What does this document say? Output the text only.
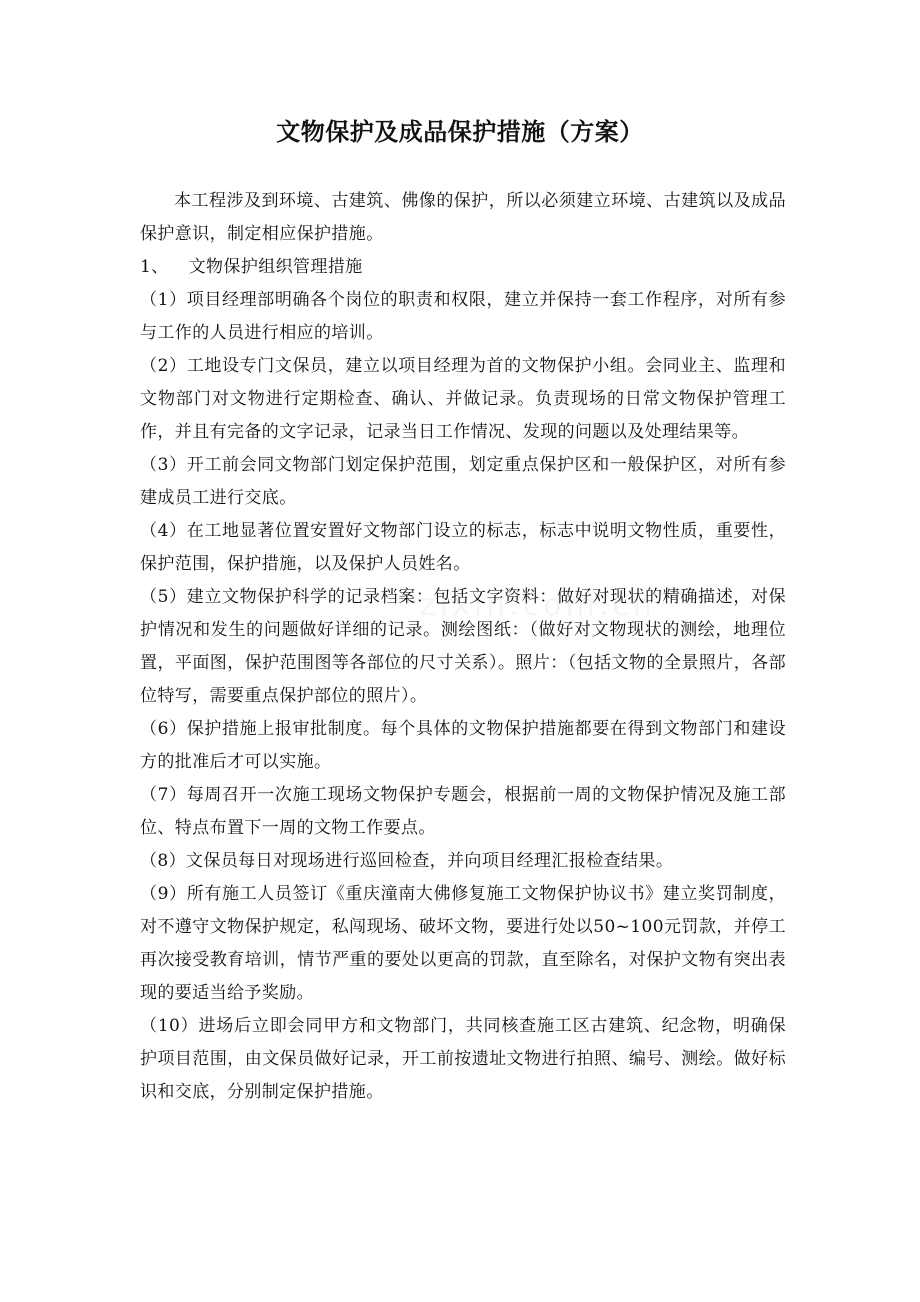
文物保护及成品保护措施（方案）

本工程涉及到环境、古建筑、佛像的保护，所以必须建立环境、古建筑以及成品保护意识，制定相应保护措施。

1、 文物保护组织管理措施

（1）项目经理部明确各个岗位的职责和权限，建立并保持一套工作程序，对所有参与工作的人员进行相应的培训。

（2）工地设专门文保员，建立以项目经理为首的文物保护小组。会同业主、监理和文物部门对文物进行定期检查、确认、并做记录。负责现场的日常文物保护管理工作，并且有完备的文字记录，记录当日工作情况、发现的问题以及处理结果等。

（3）开工前会同文物部门划定保护范围，划定重点保护区和一般保护区，对所有参建成员工进行交底。

（4）在工地显著位置安置好文物部门设立的标志，标志中说明文物性质，重要性，保护范围，保护措施，以及保护人员姓名。

（5）建立文物保护科学的记录档案：包括文字资料：做好对现状的精确描述，对保护情况和发生的问题做好详细的记录。测绘图纸：（做好对文物现状的测绘，地理位置，平面图，保护范围图等各部位的尺寸关系）。照片：（包括文物的全景照片，各部位特写，需要重点保护部位的照片）。

（6）保护措施上报审批制度。每个具体的文物保护措施都要在得到文物部门和建设方的批准后才可以实施。

（7）每周召开一次施工现场文物保护专题会，根据前一周的文物保护情况及施工部位、特点布置下一周的文物工作要点。

（8）文保员每日对现场进行巡回检查，并向项目经理汇报检查结果。

（9）所有施工人员签订《重庆潼南大佛修复施工文物保护协议书》建立奖罚制度，对不遵守文物保护规定，私闯现场、破坏文物，要进行处以50~100元罚款，并停工再次接受教育培训，情节严重的要处以更高的罚款，直至除名，对保护文物有突出表现的要适当给予奖励。

（10）进场后立即会同甲方和文物部门，共同核查施工区古建筑、纪念物，明确保护项目范围，由文保员做好记录，开工前按遗址文物进行拍照、编号、测绘。做好标识和交底，分别制定保护措施。
